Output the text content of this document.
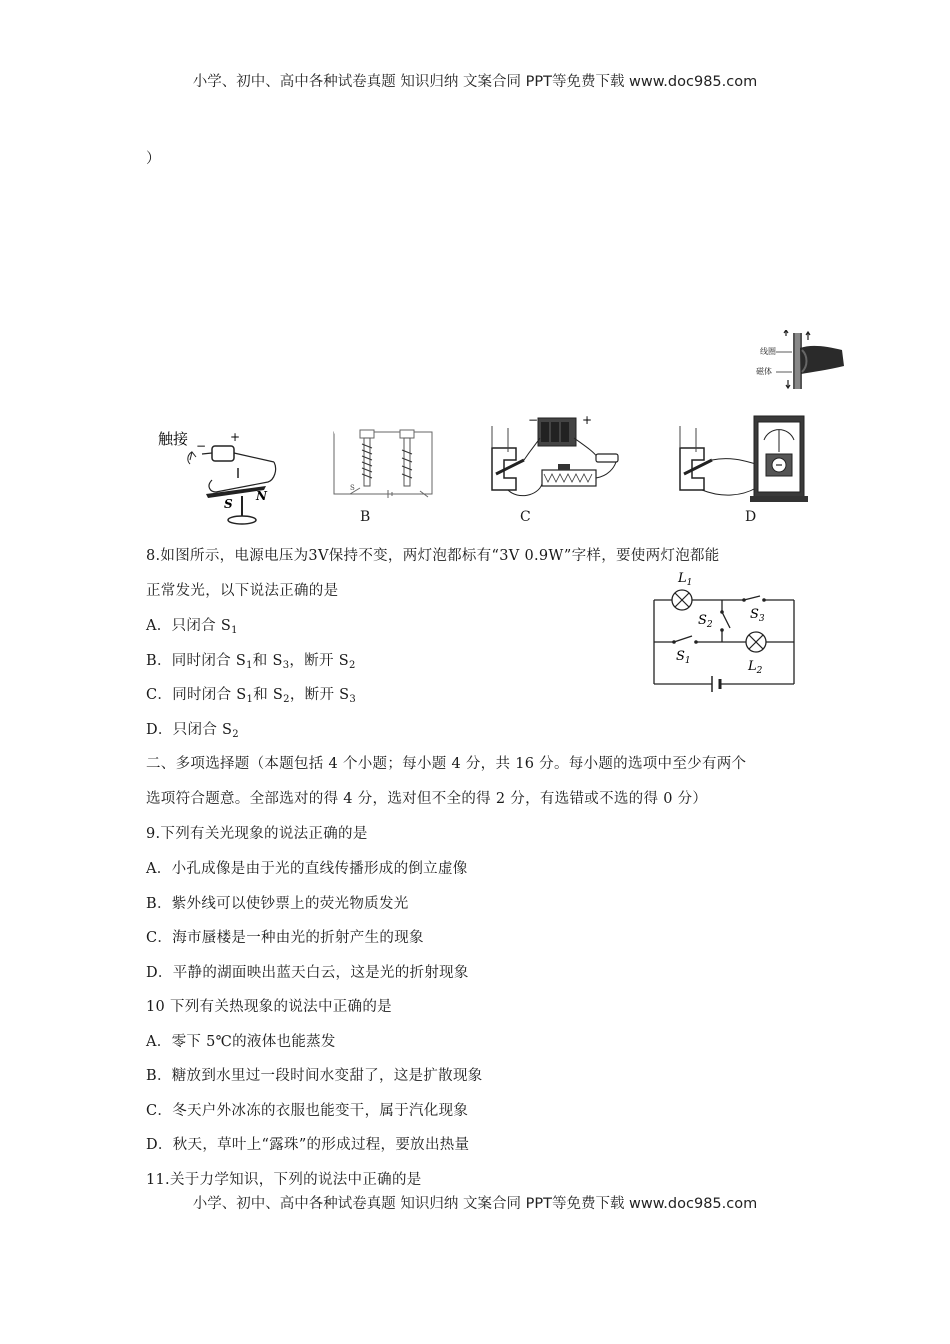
小学、初中、高中各种试卷真题 知识归纳 文案合同 PPT等免费下载 www.doc985.com
）
线圈
磁体
触接	+
−
S
N
S
B
−	+
C	D
8.如图所示，电源电压为3V保持不变，两灯泡都标有“3V 0.9W”字样，要使两灯泡都能
正常发光，以下说法正确的是
A．只闭合 $S_1$
B．同时闭合 $S_1$和 $S_3$，断开 $S_2$
C．同时闭合 $S_1$和 $S_2$，断开 $S_3$
D．只闭合 $S_2$
$L_1$
$L_2$
$S_2$
$S_3$
$S_1$
二、多项选择题（本题包括 4 个小题；每小题 4 分，共 16 分。每小题的选项中至少有两个
选项符合题意。全部选对的得 4 分，选对但不全的得 2 分，有选错或不选的得 0 分）
9.下列有关光现象的说法正确的是
A．小孔成像是由于光的直线传播形成的倒立虚像
B．紫外线可以使钞票上的荧光物质发光
C．海市蜃楼是一种由光的折射产生的现象
D．平静的湖面映出蓝天白云，这是光的折射现象
10 下列有关热现象的说法中正确的是
A．零下 5℃的液体也能蒸发
B．糖放到水里过一段时间水变甜了，这是扩散现象
C．冬天户外冰冻的衣服也能变干，属于汽化现象
D．秋天，草叶上“露珠”的形成过程，要放出热量
11.关于力学知识，下列的说法中正确的是
小学、初中、高中各种试卷真题 知识归纳 文案合同 PPT等免费下载 www.doc985.com
